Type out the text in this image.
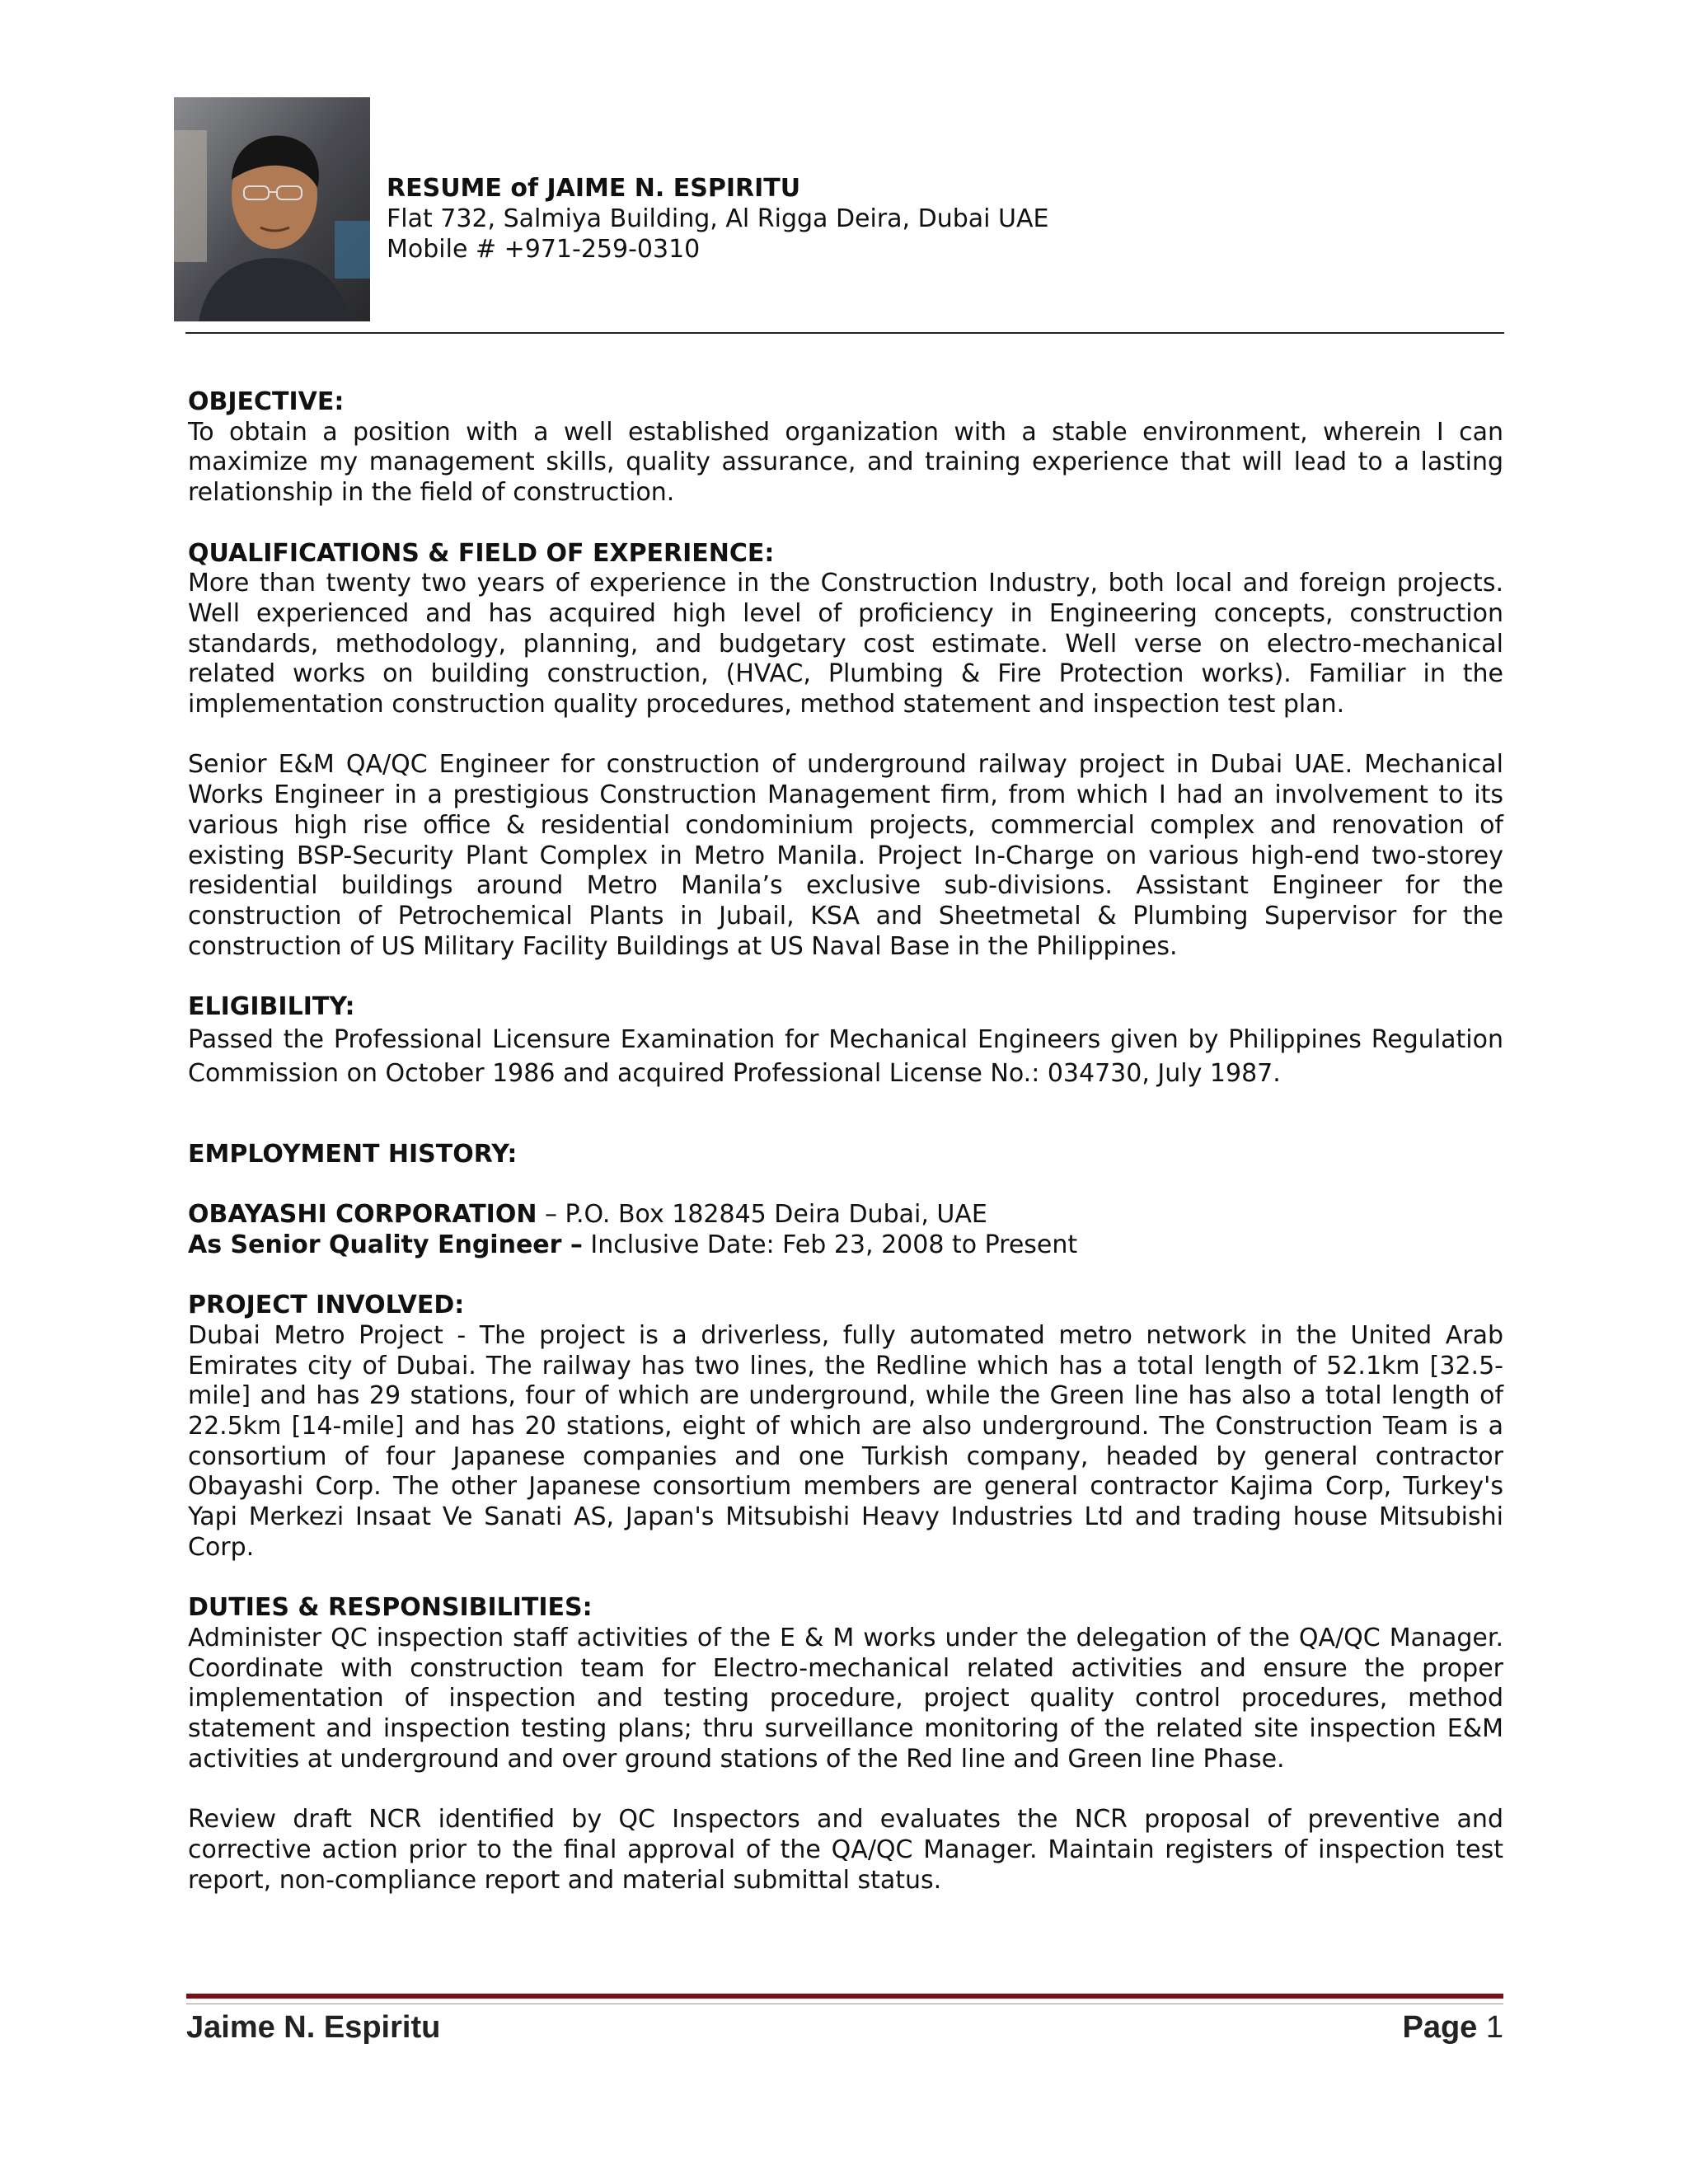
RESUME of JAIME N. ESPIRITU
Flat 732, Salmiya Building, Al Rigga Deira, Dubai UAE
Mobile # +971-259-0310

OBJECTIVE:

To obtain a position with a well established organization with a stable environment, wherein I can maximize my management skills, quality assurance, and training experience that will lead to a lasting relationship in the field of construction.

QUALIFICATIONS & FIELD OF EXPERIENCE:

More than twenty two years of experience in the Construction Industry, both local and foreign projects. Well experienced and has acquired high level of proficiency in Engineering concepts, construction standards, methodology, planning, and budgetary cost estimate. Well verse on electro-mechanical related works on building construction, (HVAC, Plumbing & Fire Protection works). Familiar in the implementation construction quality procedures, method statement and inspection test plan.

Senior E&M QA/QC Engineer for construction of underground railway project in Dubai UAE. Mechanical Works Engineer in a prestigious Construction Management firm, from which I had an involvement to its various high rise office & residential condominium projects, commercial complex and renovation of existing BSP-Security Plant Complex in Metro Manila. Project In-Charge on various high-end two-storey residential buildings around Metro Manila’s exclusive sub-divisions. Assistant Engineer for the construction of Petrochemical Plants in Jubail, KSA and Sheetmetal & Plumbing Supervisor for the construction of US Military Facility Buildings at US Naval Base in the Philippines.

ELIGIBILITY:

Passed the Professional Licensure Examination for Mechanical Engineers given by Philippines Regulation Commission on October 1986 and acquired Professional License No.: 034730, July 1987.

EMPLOYMENT HISTORY:

OBAYASHI CORPORATION – P.O. Box 182845 Deira Dubai, UAE

As Senior Quality Engineer – Inclusive Date: Feb 23, 2008 to Present

PROJECT INVOLVED:

Dubai Metro Project - The project is a driverless, fully automated metro network in the United Arab Emirates city of Dubai. The railway has two lines, the Redline which has a total length of 52.1km [32.5-mile] and has 29 stations, four of which are underground, while the Green line has also a total length of 22.5km [14-mile] and has 20 stations, eight of which are also underground. The Construction Team is a consortium of four Japanese companies and one Turkish company, headed by general contractor Obayashi Corp. The other Japanese consortium members are general contractor Kajima Corp, Turkey's Yapi Merkezi Insaat Ve Sanati AS, Japan's Mitsubishi Heavy Industries Ltd and trading house Mitsubishi Corp.

DUTIES & RESPONSIBILITIES:

Administer QC inspection staff activities of the E & M works under the delegation of the QA/QC Manager. Coordinate with construction team for Electro-mechanical related activities and ensure the proper implementation of inspection and testing procedure, project quality control procedures, method statement and inspection testing plans; thru surveillance monitoring of the related site inspection E&M activities at underground and over ground stations of the Red line and Green line Phase.

Review draft NCR identified by QC Inspectors and evaluates the NCR proposal of preventive and corrective action prior to the final approval of the QA/QC Manager. Maintain registers of inspection test report, non-compliance report and material submittal status.

Jaime N. Espiritu	Page 1
